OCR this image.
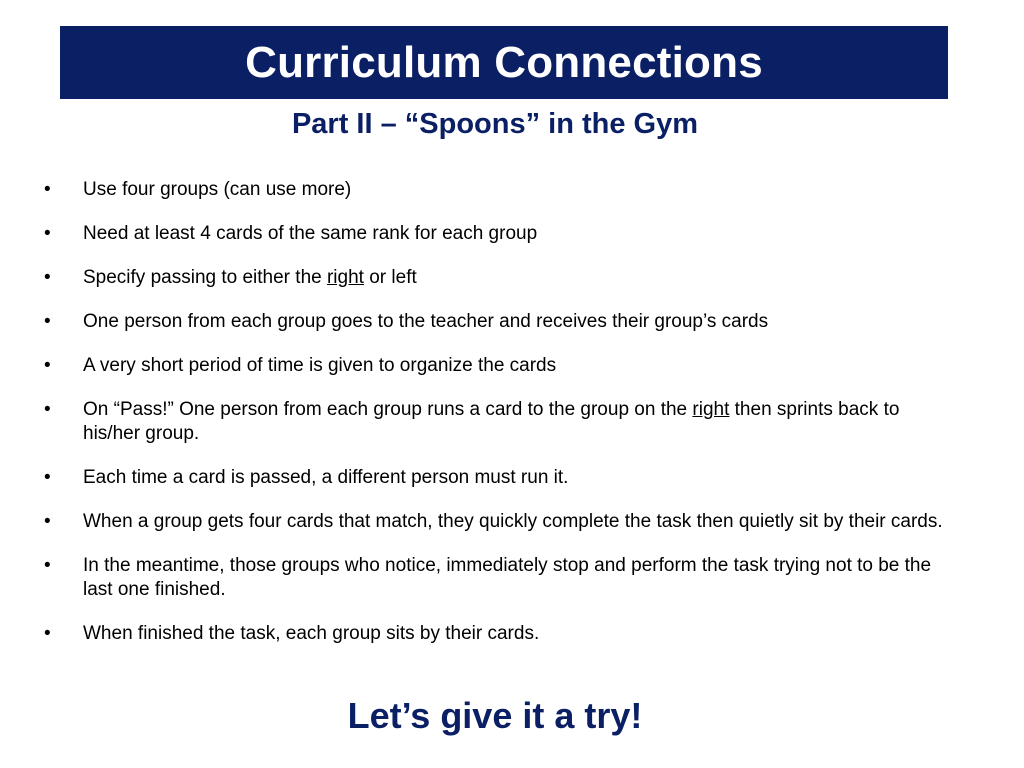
Curriculum Connections
Part II – “Spoons” in the Gym
• Use four groups (can use more)
• Need at least 4 cards of the same rank for each group
• Specify passing to either the right or left
• One person from each group goes to the teacher and receives their group’s cards
• A very short period of time is given to organize the cards
• On “Pass!” One person from each group runs a card to the group on the right then sprints back to his/her group.
• Each time a card is passed, a different person must run it.
• When a group gets four cards that match, they quickly complete the task then quietly sit by their cards.
• In the meantime, those groups who notice, immediately stop and perform the task trying not to be the last one finished.
• When finished the task, each group sits by their cards.
Let’s give it a try!
